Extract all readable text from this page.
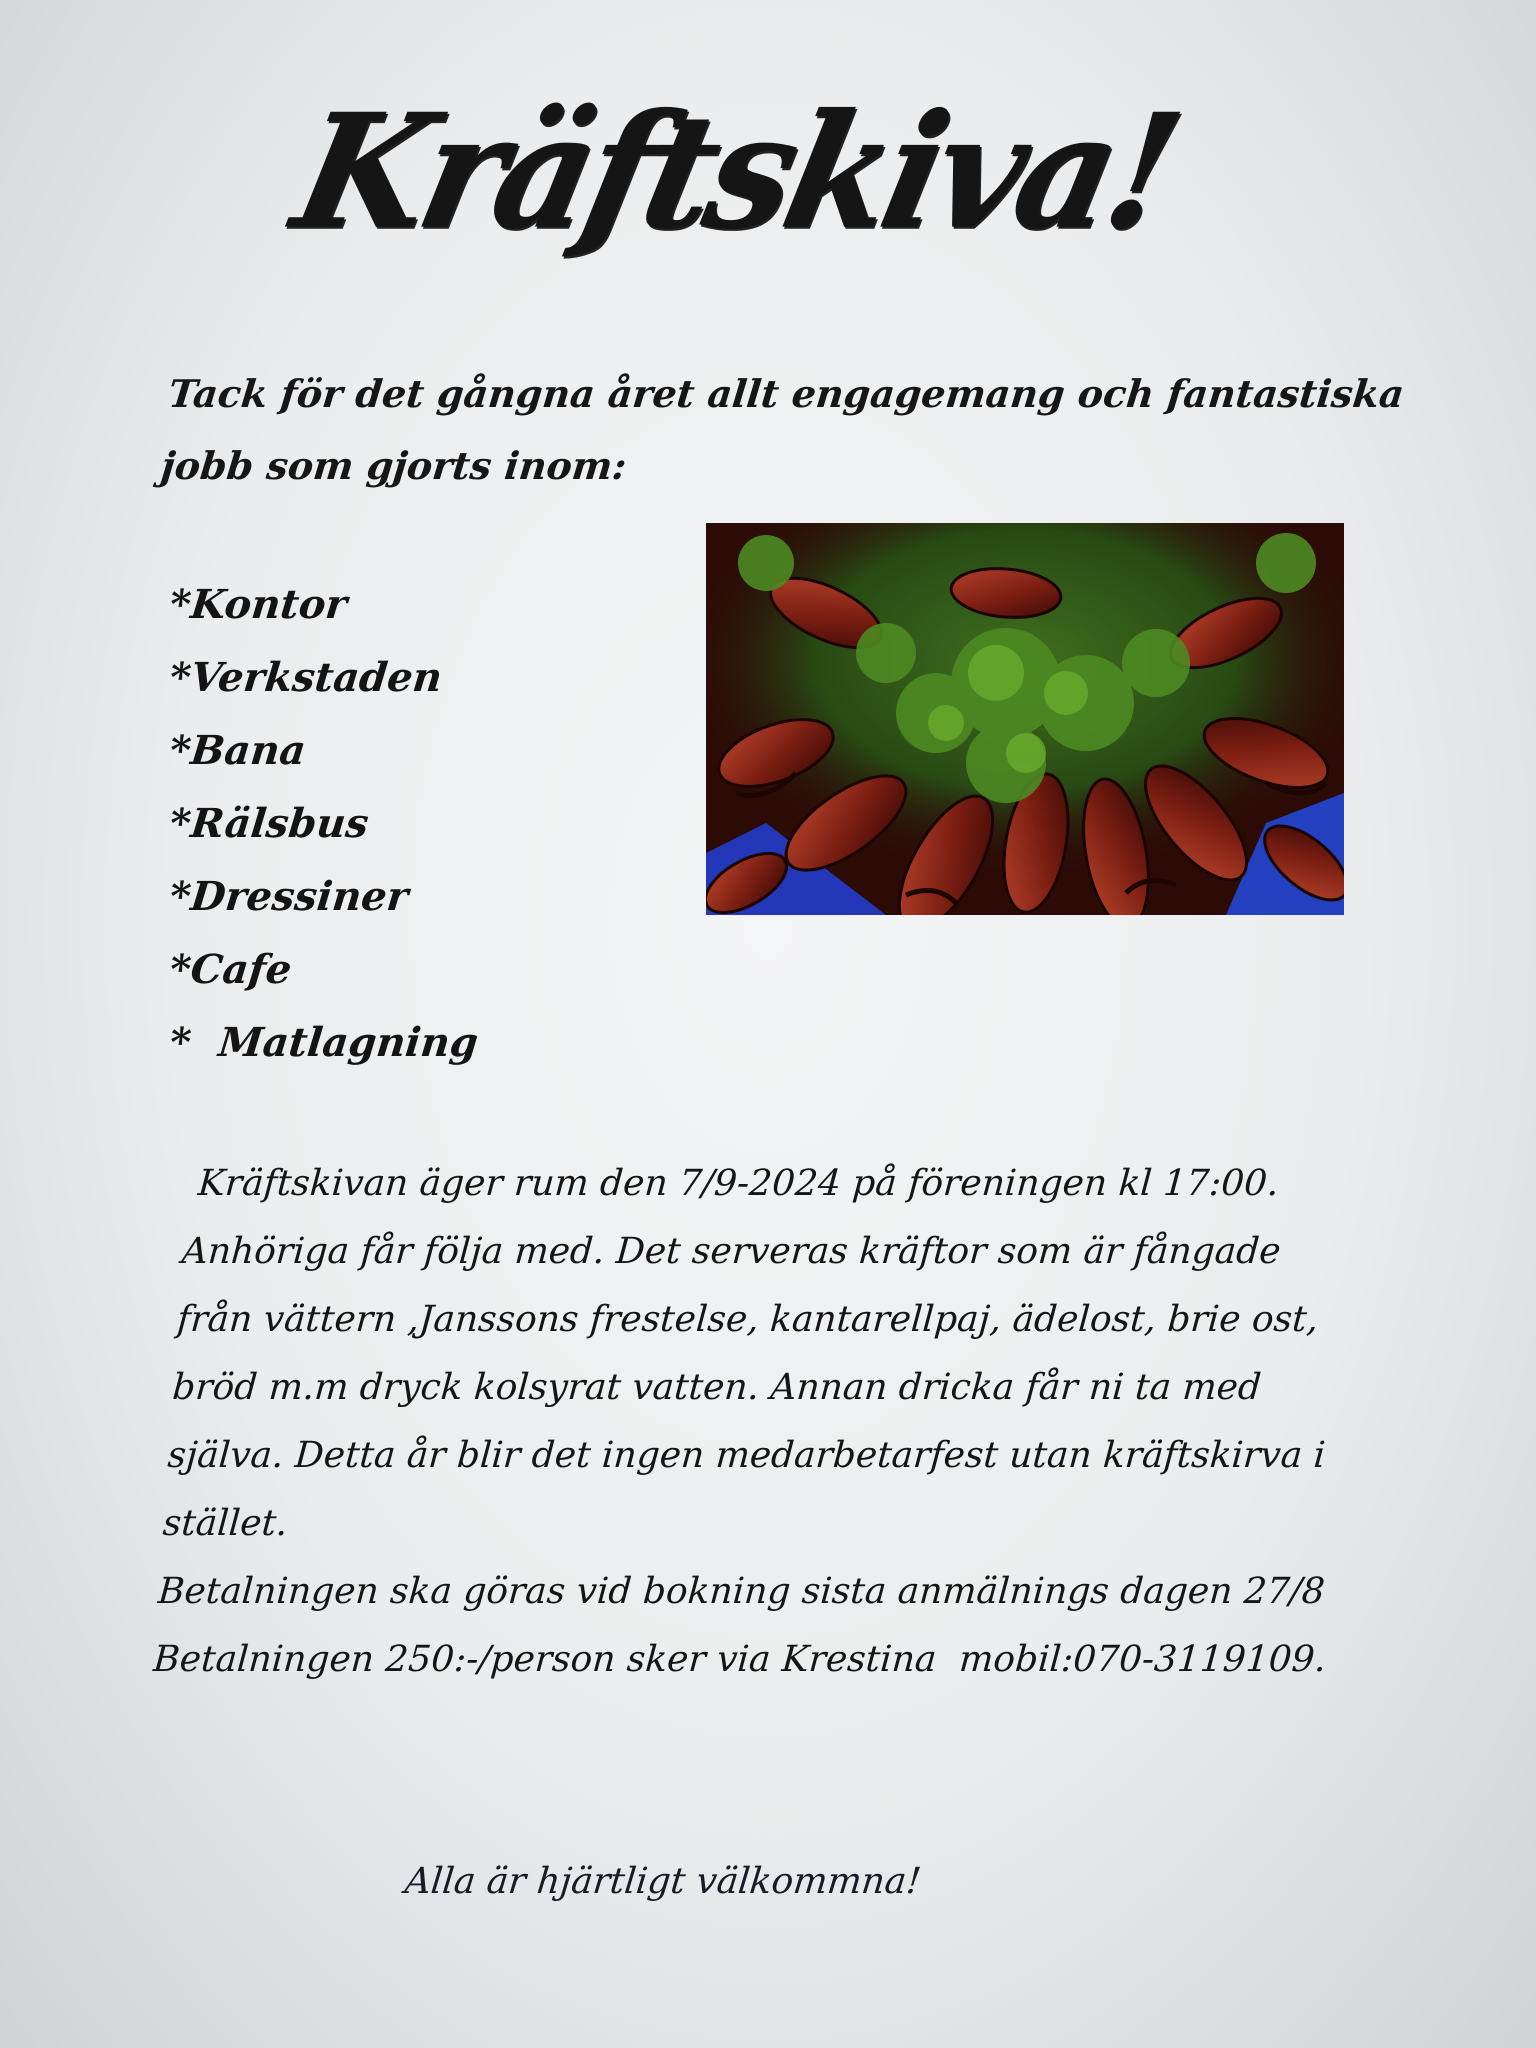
Kräftskiva!
Tack för det gångna året allt engagemang och fantastiska
jobb som gjorts inom:
*Kontor
*Verkstaden
*Bana
*Rälsbus
*Dressiner
*Cafe
*  Matlagning
Kräftskivan äger rum den 7/9-2024 på föreningen kl 17:00.
Anhöriga får följa med. Det serveras kräftor som är fångade
från vättern ,Janssons frestelse, kantarellpaj, ädelost, brie ost,
bröd m.m dryck kolsyrat vatten. Annan dricka får ni ta med
själva. Detta år blir det ingen medarbetarfest utan kräftskirva i
stället.
Betalningen ska göras vid bokning sista anmälnings dagen 27/8
Betalningen 250:-/person sker via Krestina  mobil:070-3119109.
Alla är hjärtligt välkommna!
